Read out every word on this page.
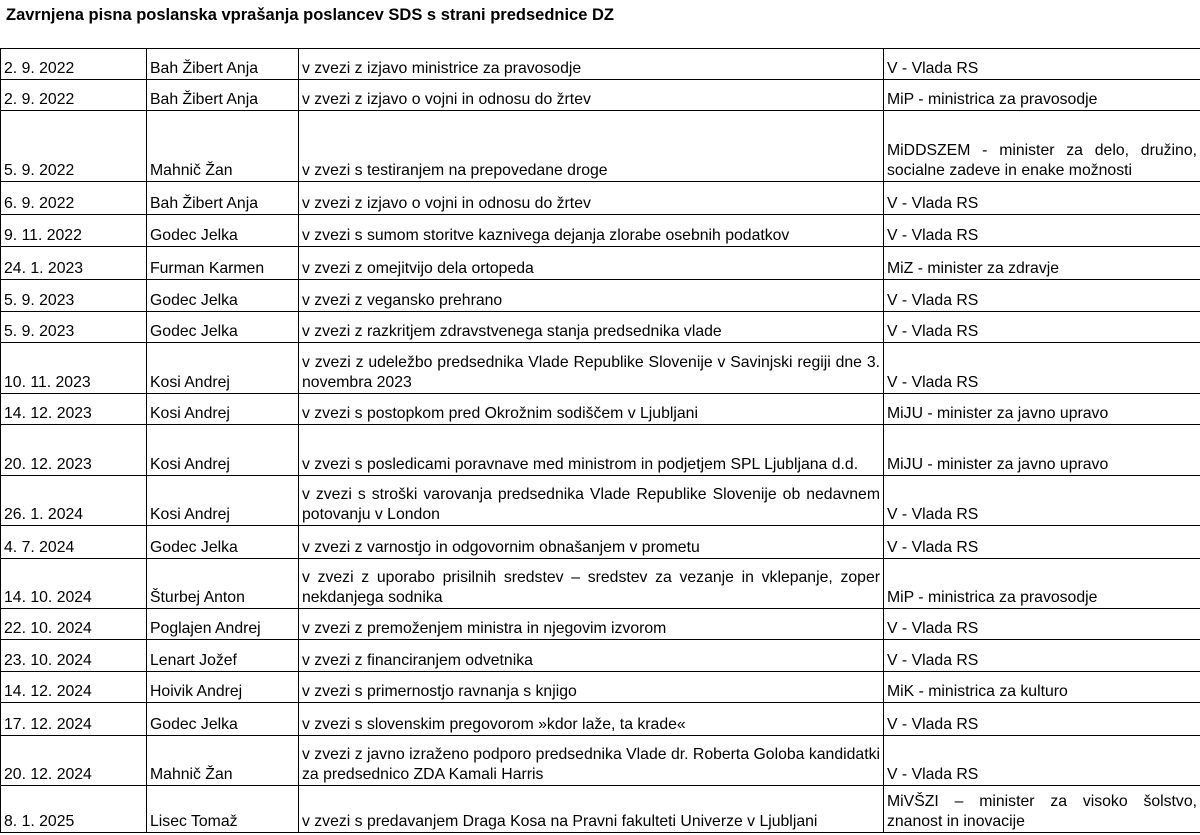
Zavrnjena pisna poslanska vprašanja poslancev SDS s strani predsednice DZ
2. 9. 2022	Bah Žibert Anja	v zvezi z izjavo ministrice za pravosodje	V - Vlada RS
2. 9. 2022	Bah Žibert Anja	v zvezi z izjavo o vojni in odnosu do žrtev	MiP - ministrica za pravosodje
5. 9. 2022	Mahnič Žan	v zvezi s testiranjem na prepovedane droge	MiDDSZEM - minister za delo, družino, socialne zadeve in enake možnosti
6. 9. 2022	Bah Žibert Anja	v zvezi z izjavo o vojni in odnosu do žrtev	V - Vlada RS
9. 11. 2022	Godec Jelka	v zvezi s sumom storitve kaznivega dejanja zlorabe osebnih podatkov	V - Vlada RS
24. 1. 2023	Furman Karmen	v zvezi z omejitvijo dela ortopeda	MiZ - minister za zdravje
5. 9. 2023	Godec Jelka	v zvezi z veganskо prehrano	V - Vlada RS
5. 9. 2023	Godec Jelka	v zvezi z razkritjem zdravstvenega stanja predsednika vlade	V - Vlada RS
10. 11. 2023	Kosi Andrej	v zvezi z udeležbo predsednika Vlade Republike Slovenije v Savinjski regiji dne 3. novembra 2023	V - Vlada RS
14. 12. 2023	Kosi Andrej	v zvezi s postopkom pred Okrožnim sodiščem v Ljubljani	MiJU - minister za javno upravo
20. 12. 2023	Kosi Andrej	v zvezi s posledicami poravnave med ministrom in podjetjem SPL Ljubljana d.d.	MiJU - minister za javno upravo
26. 1. 2024	Kosi Andrej	v zvezi s stroški varovanja predsednika Vlade Republike Slovenije ob nedavnem potovanju v London	V - Vlada RS
4. 7. 2024	Godec Jelka	v zvezi z varnostjo in odgovornim obnašanjem v prometu	V - Vlada RS
14. 10. 2024	Šturbej Anton	v zvezi z uporabo prisilnih sredstev – sredstev za vezanje in vklepanje, zoper nekdanjega sodnika	MiP - ministrica za pravosodje
22. 10. 2024	Poglajen Andrej	v zvezi z premoženjem ministra in njegovim izvorom	V - Vlada RS
23. 10. 2024	Lenart Jožef	v zvezi z financiranjem odvetnika	V - Vlada RS
14. 12. 2024	Hoivik Andrej	v zvezi s primernostjo ravnanja s knjigo	MiK - ministrica za kulturo
17. 12. 2024	Godec Jelka	v zvezi s slovenskim pregovorom »kdor laže, ta krade«	V - Vlada RS
20. 12. 2024	Mahnič Žan	v zvezi z javno izraženo podporo predsednika Vlade dr. Roberta Goloba kandidatki za predsednico ZDA Kamali Harris	V - Vlada RS
8. 1. 2025	Lisec Tomaž	v zvezi s predavanjem Draga Kosa na Pravni fakulteti Univerze v Ljubljani	MiVŠZI – minister za visoko šolstvo, znanost in inovacije
